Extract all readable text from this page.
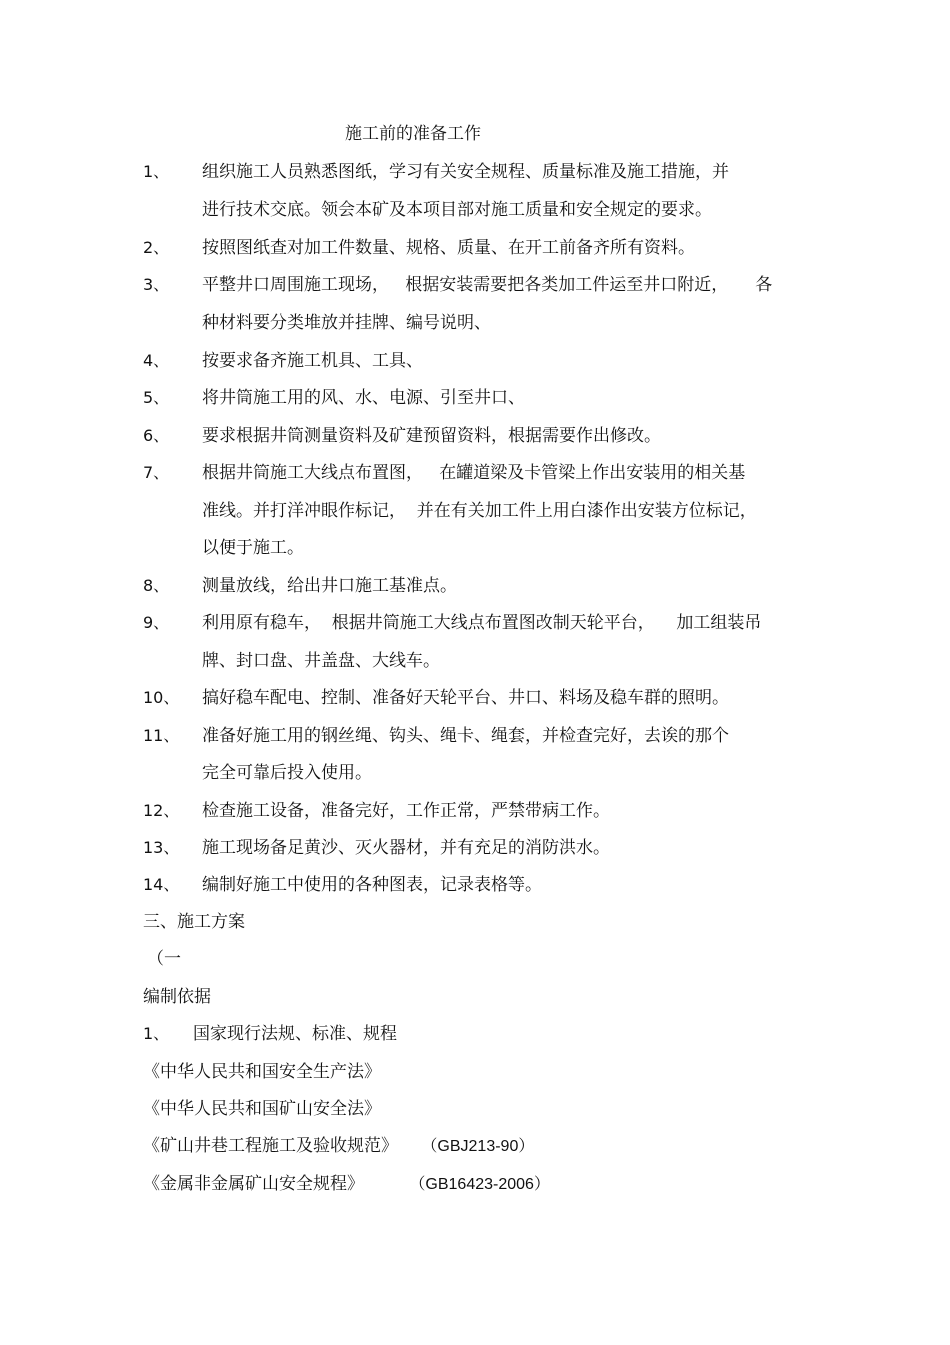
施工前的准备工作
1、 组织施工人员熟悉图纸，学习有关安全规程、质量标准及施工措施，并
进行技术交底。领会本矿及本项目部对施工质量和安全规定的要求。
2、 按照图纸查对加工件数量、规格、质量、在开工前备齐所有资料。
3、 平整井口周围施工现场，   根据安装需要把各类加工件运至井口附近，     各
种材料要分类堆放并挂牌、编号说明、
4、 按要求备齐施工机具、工具、
5、 将井筒施工用的风、水、电源、引至井口、
6、 要求根据井筒测量资料及矿建预留资料，根据需要作出修改。
7、 根据井筒施工大线点布置图，   在罐道梁及卡管梁上作出安装用的相关基
准线。并打洋冲眼作标记，  并在有关加工件上用白漆作出安装方位标记，
以便于施工。
8、 测量放线，给出井口施工基准点。
9、 利用原有稳车，  根据井筒施工大线点布置图改制天轮平台，    加工组装吊
牌、封口盘、井盖盘、大线车。
10、 搞好稳车配电、控制、准备好天轮平台、井口、料场及稳车群的照明。
11、 准备好施工用的钢丝绳、钩头、绳卡、绳套，并检查完好，去诶的那个
完全可靠后投入使用。
12、 检查施工设备，准备完好，工作正常，严禁带病工作。
13、 施工现场备足黄沙、灭火器材，并有充足的消防洪水。
14、 编制好施工中使用的各种图表，记录表格等。
三、施工方案
（一
编制依据
1、 国家现行法规、标准、规程
《中华人民共和国安全生产法》
《中华人民共和国矿山安全法》
《矿山井巷工程施工及验收规范》 （GBJ213-90）
《金属非金属矿山安全规程》	（GB16423-2006）
